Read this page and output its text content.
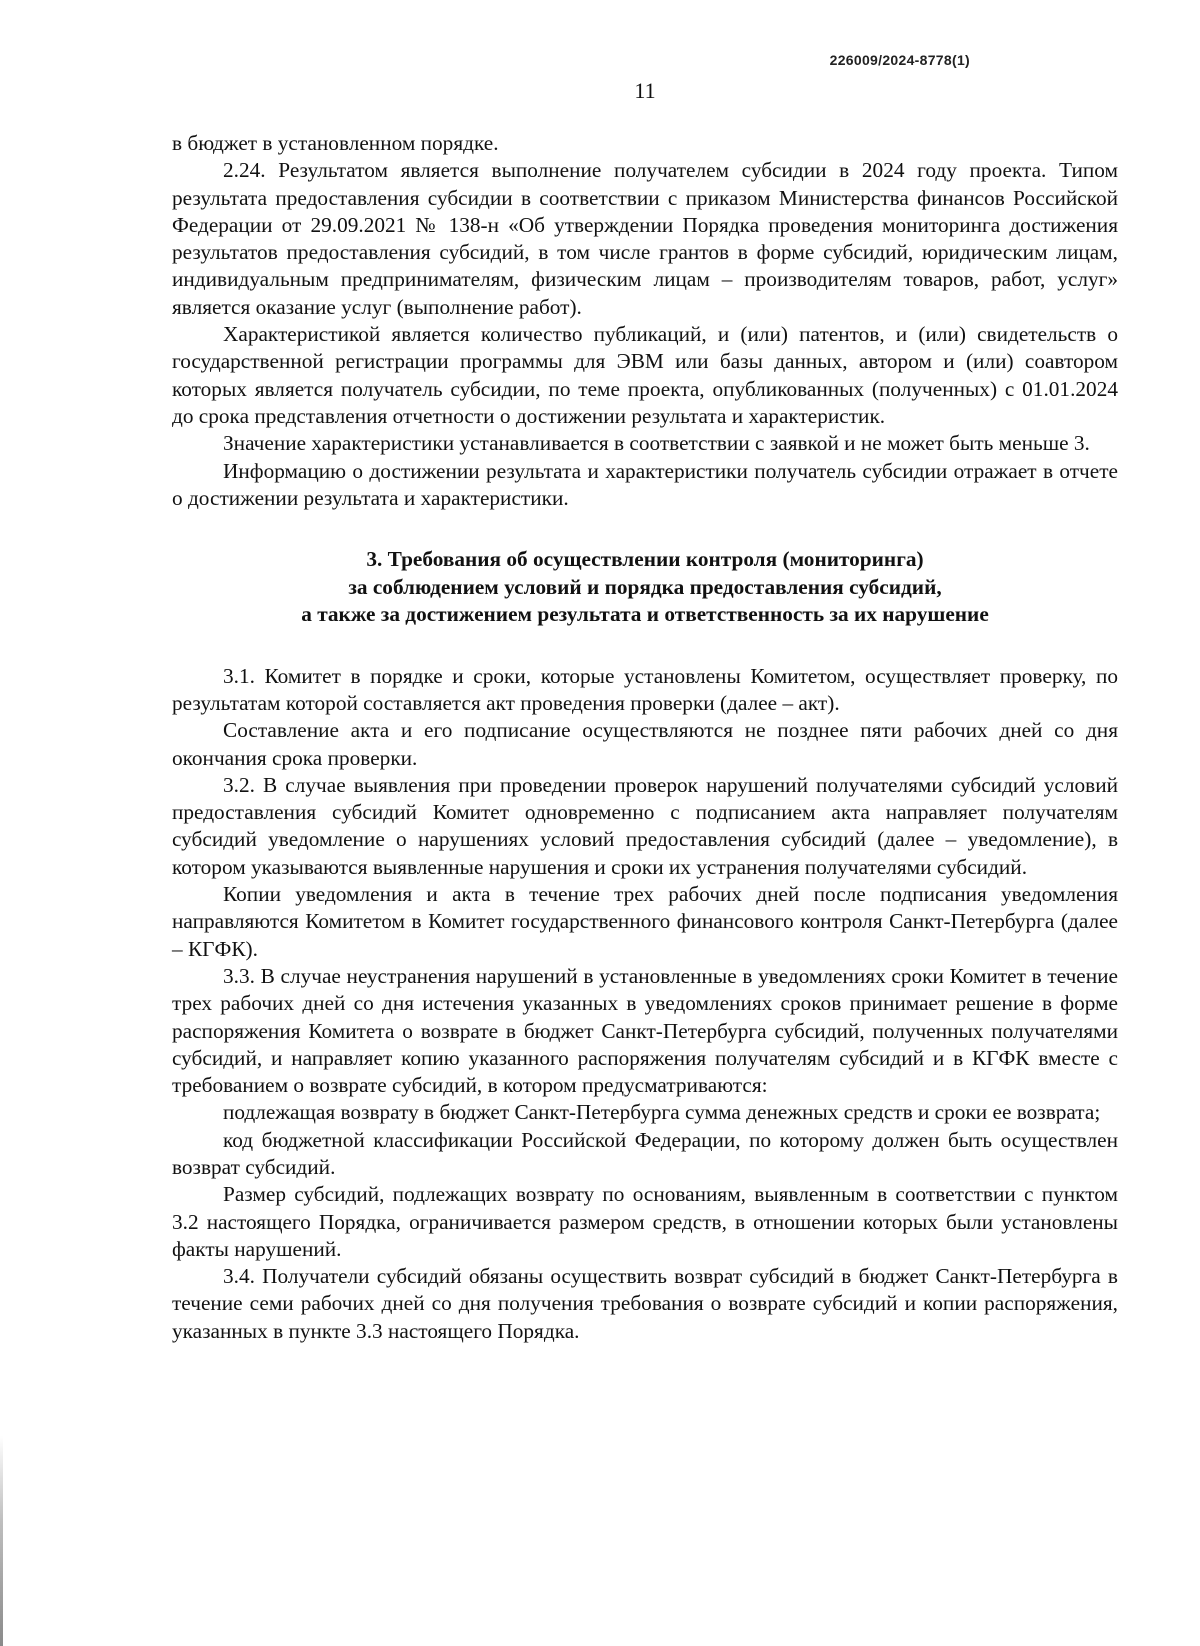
226009/2024-8778(1)
11

в бюджет в установленном порядке.

2.24. Результатом является выполнение получателем субсидии в 2024 году проекта. Типом результата предоставления субсидии в соответствии с приказом Министерства финансов Российской Федерации от 29.09.2021 № 138-н «Об утверждении Порядка проведения мониторинга достижения результатов предоставления субсидий, в том числе грантов в форме субсидий, юридическим лицам, индивидуальным предпринимателям, физическим лицам – производителям товаров, работ, услуг» является оказание услуг (выполнение работ).

Характеристикой является количество публикаций, и (или) патентов, и (или) свидетельств о государственной регистрации программы для ЭВМ или базы данных, автором и (или) соавтором которых является получатель субсидии, по теме проекта, опубликованных (полученных) с 01.01.2024 до срока представления отчетности о достижении результата и характеристик.

Значение характеристики устанавливается в соответствии с заявкой и не может быть меньше 3.

Информацию о достижении результата и характеристики получатель субсидии отражает в отчете о достижении результата и характеристики.

3. Требования об осуществлении контроля (мониторинга)
за соблюдением условий и порядка предоставления субсидий,
а также за достижением результата и ответственность за их нарушение

3.1. Комитет в порядке и сроки, которые установлены Комитетом, осуществляет проверку, по результатам которой составляется акт проведения проверки (далее – акт).

Составление акта и его подписание осуществляются не позднее пяти рабочих дней со дня окончания срока проверки.

3.2. В случае выявления при проведении проверок нарушений получателями субсидий условий предоставления субсидий Комитет одновременно с подписанием акта направляет получателям субсидий уведомление о нарушениях условий предоставления субсидий (далее – уведомление), в котором указываются выявленные нарушения и сроки их устранения получателями субсидий.

Копии уведомления и акта в течение трех рабочих дней после подписания уведомления направляются Комитетом в Комитет государственного финансового контроля Санкт-Петербурга (далее – КГФК).

3.3. В случае неустранения нарушений в установленные в уведомлениях сроки Комитет в течение трех рабочих дней со дня истечения указанных в уведомлениях сроков принимает решение в форме распоряжения Комитета о возврате в бюджет Санкт-Петербурга субсидий, полученных получателями субсидий, и направляет копию указанного распоряжения получателям субсидий и в КГФК вместе с требованием о возврате субсидий, в котором предусматриваются:

подлежащая возврату в бюджет Санкт-Петербурга сумма денежных средств и сроки ее возврата;

код бюджетной классификации Российской Федерации, по которому должен быть осуществлен возврат субсидий.

Размер субсидий, подлежащих возврату по основаниям, выявленным в соответствии с пунктом 3.2 настоящего Порядка, ограничивается размером средств, в отношении которых были установлены факты нарушений.

3.4. Получатели субсидий обязаны осуществить возврат субсидий в бюджет Санкт-Петербурга в течение семи рабочих дней со дня получения требования о возврате субсидий и копии распоряжения, указанных в пункте 3.3 настоящего Порядка.
